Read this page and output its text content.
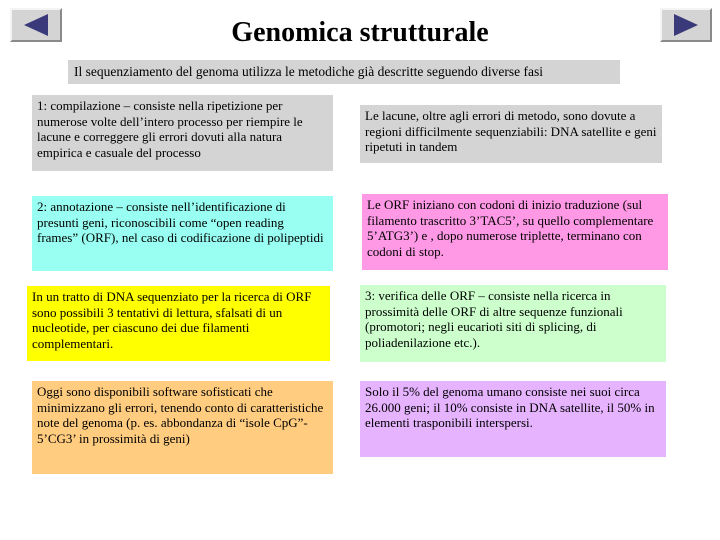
Genomica strutturale
Il sequenziamento del genoma utilizza le metodiche già descritte seguendo diverse fasi
1: compilazione – consiste nella ripetizione per numerose volte dell’intero processo per riempire le lacune e correggere gli errori dovuti alla natura empirica e casuale del processo
Le lacune, oltre agli errori di metodo, sono dovute a regioni difficilmente sequenziabili: DNA satellite e geni ripetuti in tandem
2: annotazione – consiste nell’identificazione di presunti geni, riconoscibili come “open reading frames” (ORF), nel caso di codificazione di polipeptidi
Le ORF iniziano con codoni di inizio traduzione (sul filamento trascritto 3’TAC5’, su quello complementare 5’ATG3’) e , dopo numerose triplette, terminano con codoni di stop.
In un tratto di DNA sequenziato per la ricerca di ORF sono possibili 3 tentativi di lettura, sfalsati di un nucleotide, per ciascuno dei due filamenti complementari.
3: verifica delle ORF – consiste nella ricerca in prossimità delle ORF di altre sequenze funzionali (promotori; negli eucarioti siti di splicing, di poliadenilazione etc.).
Oggi sono disponibili software sofisticati che minimizzano gli errori, tenendo conto di caratteristiche note del genoma (p. es. abbondanza di “isole CpG”- 5’CG3’ in prossimità di geni)
Solo il 5% del genoma umano consiste nei suoi circa 26.000 geni; il 10% consiste in DNA satellite, il 50% in elementi trasponibili interspersi.
